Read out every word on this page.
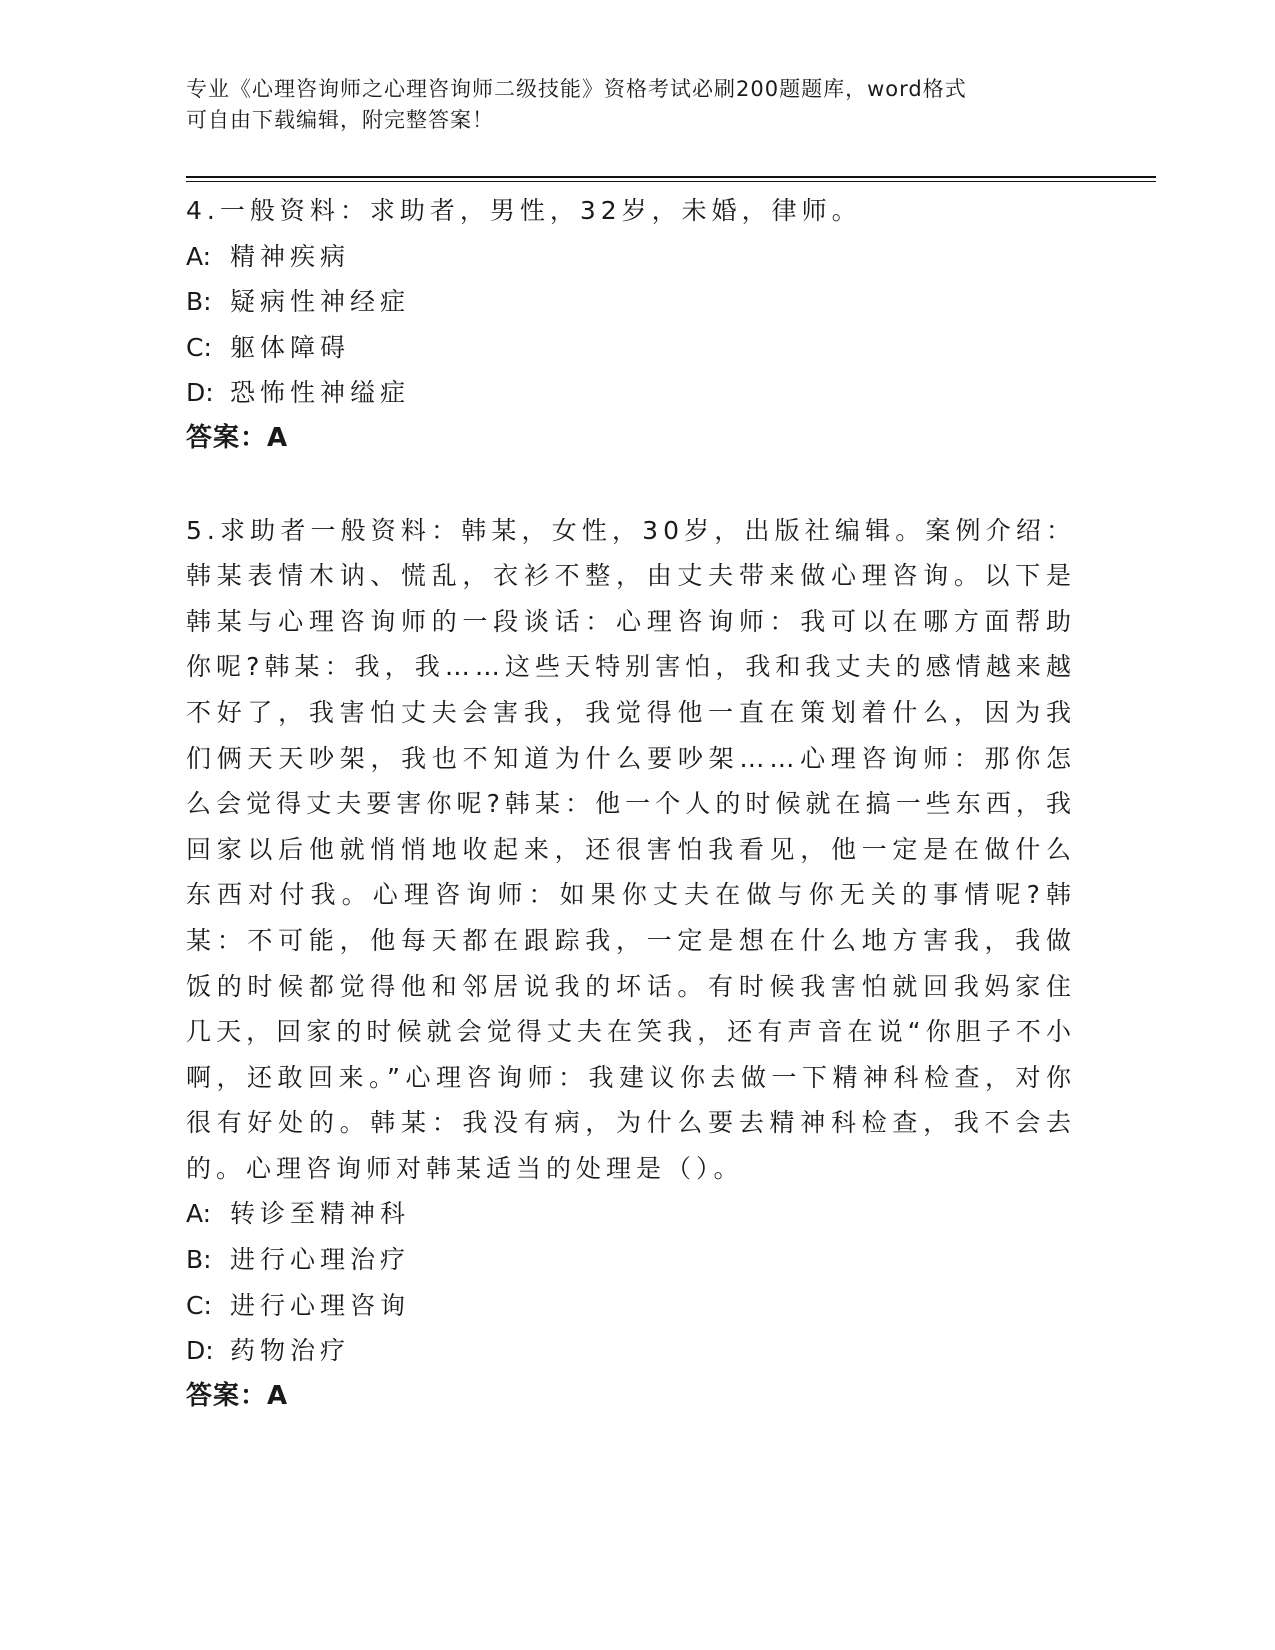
专业《心理咨询师之心理咨询师二级技能》资格考试必刷200题题库，word格式
可自由下载编辑，附完整答案！
4.一般资料：求助者，男性，32岁，未婚，律师。
A: 精神疾病
B: 疑病性神经症
C: 躯体障碍
D: 恐怖性神缢症
答案：A
5.求助者一般资料：韩某，女性，30岁，出版社编辑。案例介绍：韩某表情木讷、慌乱，衣衫不整，由丈夫带来做心理咨询。以下是韩某与心理咨询师的一段谈话：心理咨询师：我可以在哪方面帮助你呢?韩某：我，我……这些天特别害怕，我和我丈夫的感情越来越不好了，我害怕丈夫会害我，我觉得他一直在策划着什么，因为我们俩天天吵架，我也不知道为什么要吵架……心理咨询师：那你怎么会觉得丈夫要害你呢?韩某：他一个人的时候就在搞一些东西，我回家以后他就悄悄地收起来，还很害怕我看见，他一定是在做什么东西对付我。心理咨询师：如果你丈夫在做与你无关的事情呢?韩某：不可能，他每天都在跟踪我，一定是想在什么地方害我，我做饭的时候都觉得他和邻居说我的坏话。有时候我害怕就回我妈家住几天，回家的时候就会觉得丈夫在笑我，还有声音在说“你胆子不小啊，还敢回来。”心理咨询师：我建议你去做一下精神科检查，对你很有好处的。韩某：我没有病，为什么要去精神科检查，我不会去的。心理咨询师对韩某适当的处理是（）。
A: 转诊至精神科
B: 进行心理治疗
C: 进行心理咨询
D: 药物治疗
答案：A
